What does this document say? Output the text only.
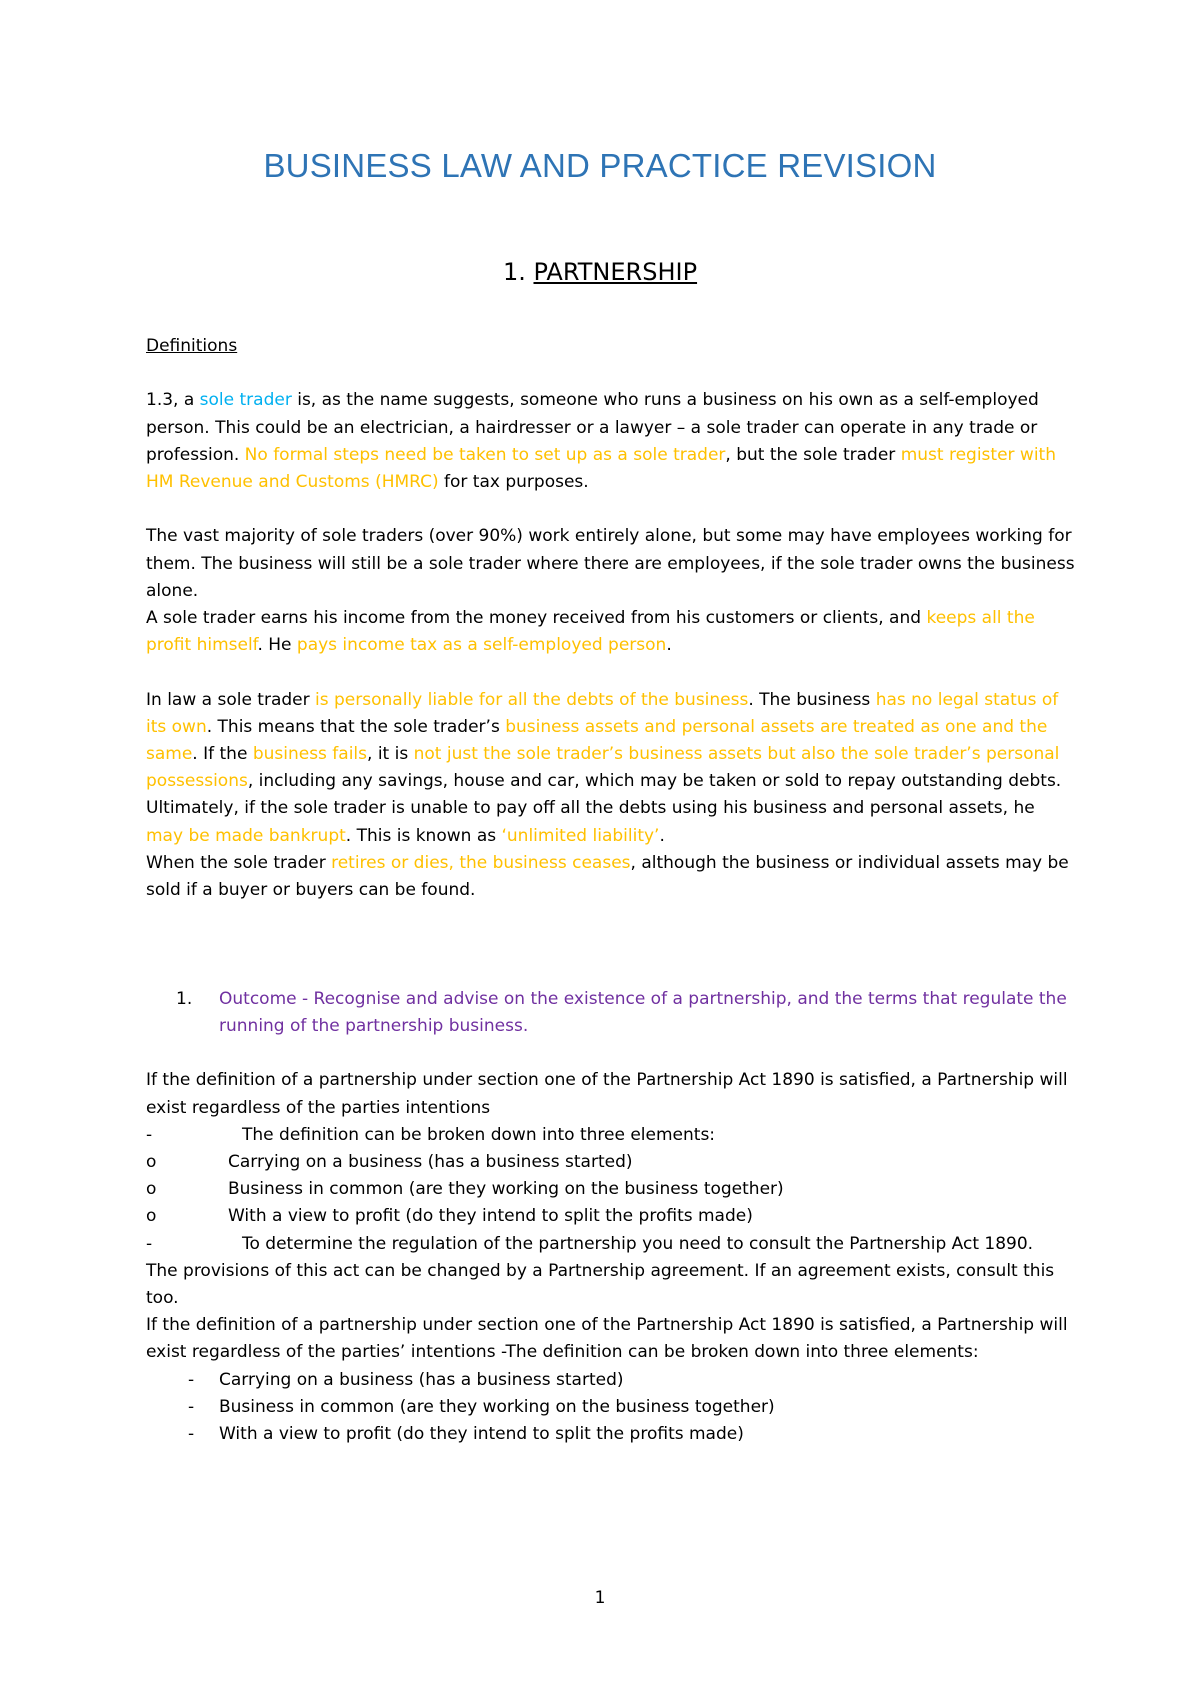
BUSINESS LAW AND PRACTICE REVISION
1. PARTNERSHIP

Definitions

1.3, a sole trader is, as the name suggests, someone who runs a business on his own as a self-employed person. This could be an electrician, a hairdresser or a lawyer – a sole trader can operate in any trade or profession. No formal steps need be taken to set up as a sole trader, but the sole trader must register with HM Revenue and Customs (HMRC) for tax purposes.

The vast majority of sole traders (over 90%) work entirely alone, but some may have employees working for them. The business will still be a sole trader where there are employees, if the sole trader owns the business alone.

A sole trader earns his income from the money received from his customers or clients, and keeps all the profit himself. He pays income tax as a self-employed person.

In law a sole trader is personally liable for all the debts of the business. The business has no legal status of its own. This means that the sole trader’s business assets and personal assets are treated as one and the same. If the business fails, it is not just the sole trader’s business assets but also the sole trader’s personal possessions, including any savings, house and car, which may be taken or sold to repay outstanding debts. Ultimately, if the sole trader is unable to pay off all the debts using his business and personal assets, he may be made bankrupt. This is known as ‘unlimited liability’.

When the sole trader retires or dies, the business ceases, although the business or individual assets may be sold if a buyer or buyers can be found.

1. Outcome - Recognise and advise on the existence of a partnership, and the terms that regulate the running of the partnership business.

If the definition of a partnership under section one of the Partnership Act 1890 is satisfied, a Partnership will exist regardless of the parties intentions

-	The definition can be broken down into three elements:
o	Carrying on a business (has a business started)
o	Business in common (are they working on the business together)
o	With a view to profit (do they intend to split the profits made)
-	To determine the regulation of the partnership you need to consult the Partnership Act 1890.

The provisions of this act can be changed by a Partnership agreement. If an agreement exists, consult this too.

If the definition of a partnership under section one of the Partnership Act 1890 is satisfied, a Partnership will exist regardless of the parties’ intentions -The definition can be broken down into three elements:

- Carrying on a business (has a business started)
- Business in common (are they working on the business together)
- With a view to profit (do they intend to split the profits made)
1
